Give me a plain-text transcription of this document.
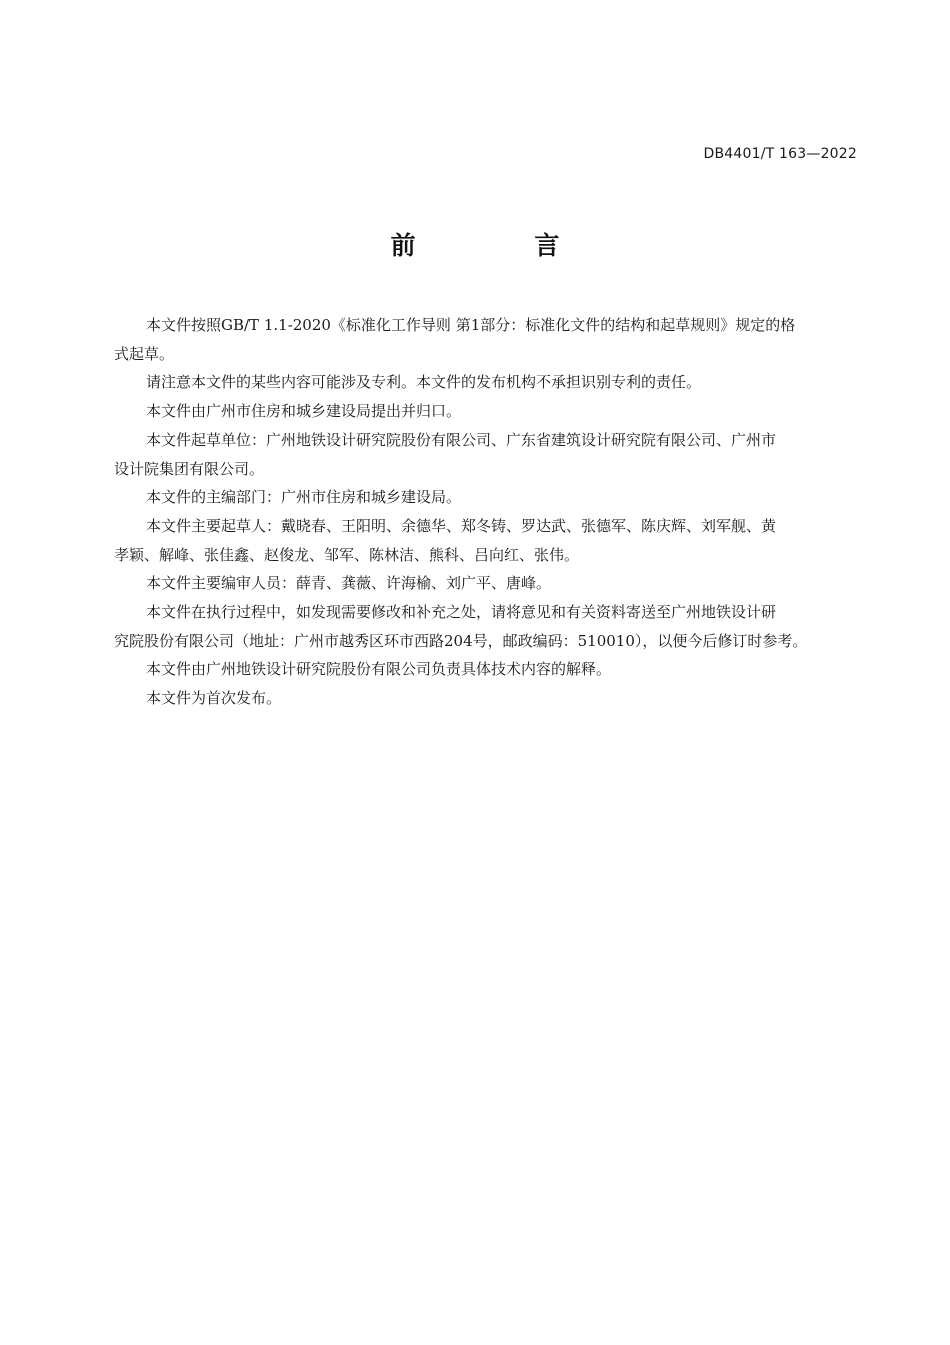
DB4401/T 163—2022
前 言

本文件按照GB/T 1.1-2020《标准化工作导则 第1部分：标准化文件的结构和起草规则》规定的格
式起草。

请注意本文件的某些内容可能涉及专利。本文件的发布机构不承担识别专利的责任。

本文件由广州市住房和城乡建设局提出并归口。

本文件起草单位：广州地铁设计研究院股份有限公司、广东省建筑设计研究院有限公司、广州市
设计院集团有限公司。

本文件的主编部门：广州市住房和城乡建设局。

本文件主要起草人：戴晓春、王阳明、余德华、郑冬铸、罗达武、张德军、陈庆辉、刘军舰、黄
孝颖、解峰、张佳鑫、赵俊龙、邹军、陈林洁、熊科、吕向红、张伟。

本文件主要编审人员：薛青、龚薇、许海榆、刘广平、唐峰。

本文件在执行过程中，如发现需要修改和补充之处，请将意见和有关资料寄送至广州地铁设计研
究院股份有限公司（地址：广州市越秀区环市西路204号，邮政编码：510010），以便今后修订时参考。

本文件由广州地铁设计研究院股份有限公司负责具体技术内容的解释。

本文件为首次发布。
